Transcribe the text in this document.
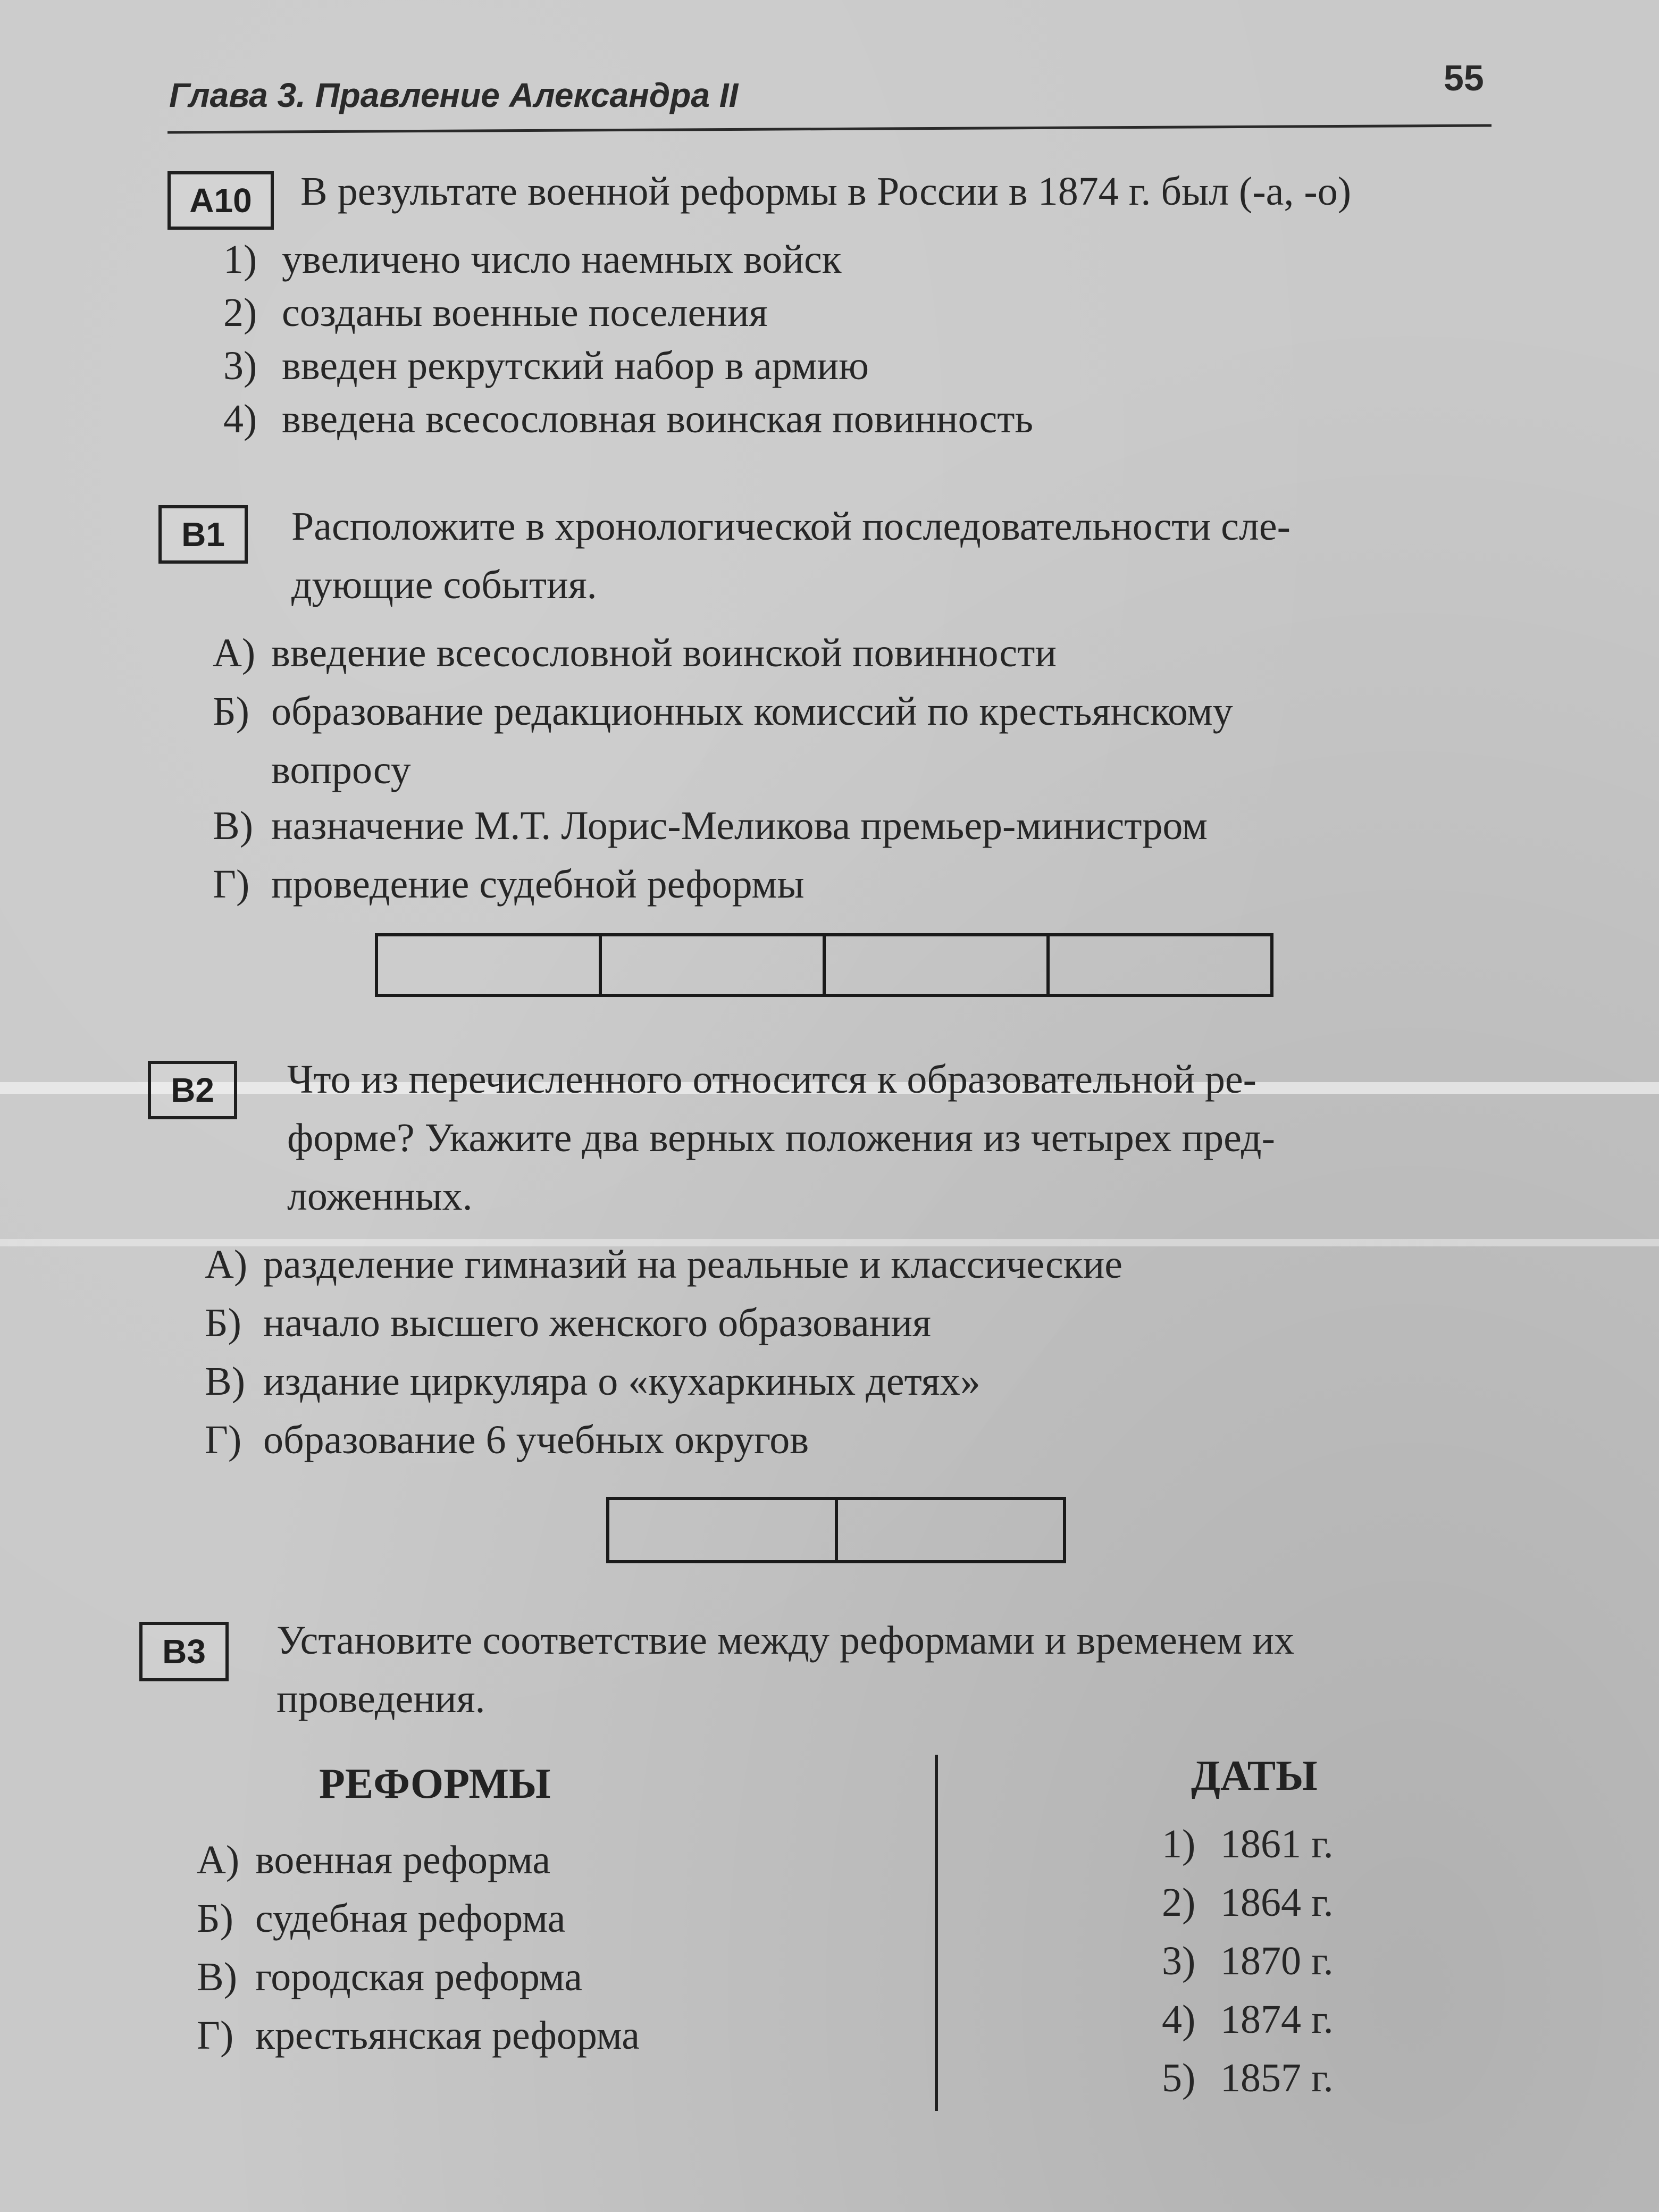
Глава 3. Правление Александра II	55
A10	В результате военной реформы в России в 1874 г. был (-а, -о)
1) увеличено число наемных войск
2) созданы военные поселения
3) введен рекрутский набор в армию
4) введена всесословная воинская повинность
B1	Расположите в хронологической последовательности сле-
дующие события.
А) введение всесословной воинской повинности
Б) образование редакционных комиссий по крестьянскому
вопросу
В) назначение М.Т. Лорис-Меликова премьер-министром
Г) проведение судебной реформы
B2	Что из перечисленного относится к образовательной ре-
форме? Укажите два верных положения из четырех пред-
ложенных.
А) разделение гимназий на реальные и классические
Б) начало высшего женского образования
В) издание циркуляра о «кухаркиных детях»
Г) образование 6 учебных округов
B3	Установите соответствие между реформами и временем их
проведения.
РЕФОРМЫ	ДАТЫ
А) военная реформа
Б) судебная реформа
В) городская реформа
Г) крестьянская реформа
1) 1861 г.
2) 1864 г.
3) 1870 г.
4) 1874 г.
5) 1857 г.
